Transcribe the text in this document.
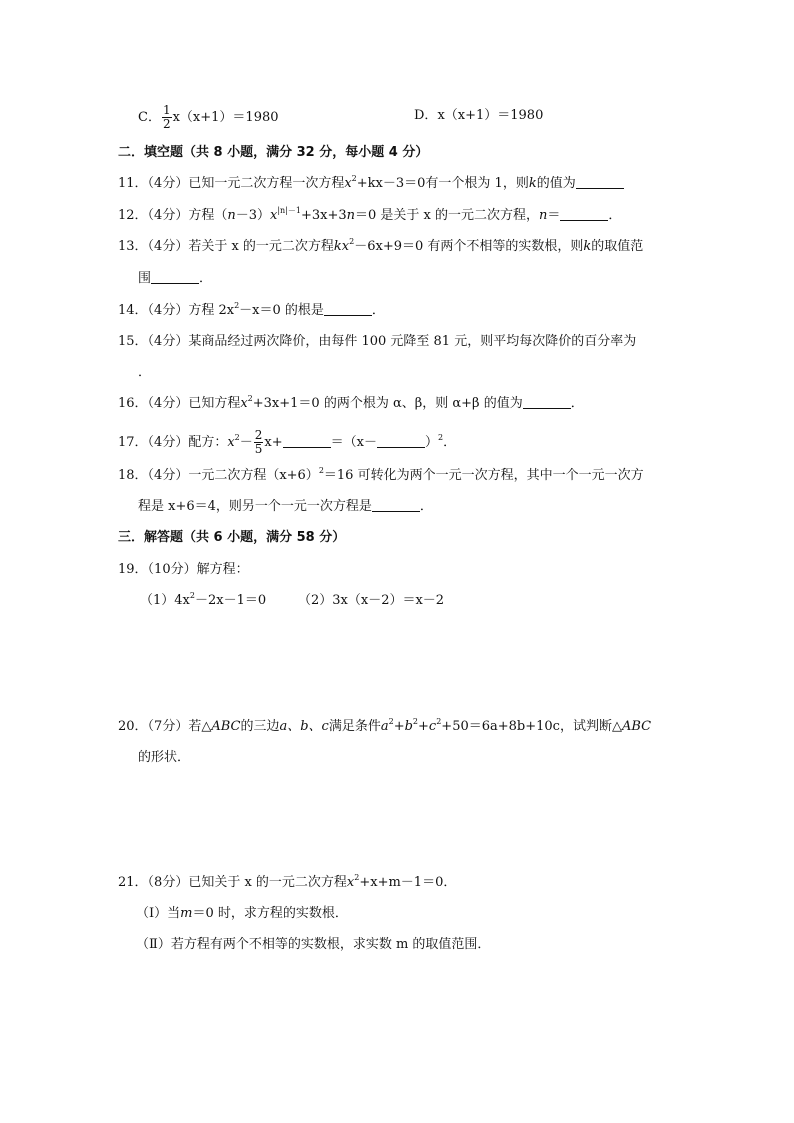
C． $\frac{1}{2} x(x+1)=1980$	D．x（x+1）＝1980
二．填空题（共 8 小题，满分 32 分，每小题 4 分）
11．（4分）已知一元二次方程一次方程$x^2+kx-3=0$有一个根为 1，则k的值为
12．（4分）方程$(n-3)x^{|n|-1}+3x+3n=0$ 是关于 x 的一元二次方程，n＝	．
13．（4分）若关于 x 的一元二次方程$kx^2-6x+9=0$ 有两个不相等的实数根，则k的取值范
围	．
14．（4分）方程 $2x^2-x=0$ 的根是	．
15．（4分）某商品经过两次降价，由每件 100 元降至 81 元，则平均每次降价的百分率为
．
16．（4分）已知方程$x^2+3x+1=0$ 的两个根为 α、β，则 α+β 的值为	．
17．（4分）配方：$x^2- \frac{2}{5} x+$	＝（x－	）$^2$．
18．（4分）一元二次方程$(x+6)^2=16$ 可转化为两个一元一次方程，其中一个一元一次方
程是 x+6＝4，则另一个一元一次方程是	．
三．解答题（共 6 小题，满分 58 分）
19．（10分）解方程：
$(1)4x^2-2x-1=0$ （2）3x（x－2）＝x－2
20．（7分）若△ABC的三边a、b、c满足条件$a^2+b^2+c^2+50=6a+8b+10c$，试判断△ABC
的形状．
21．（8分）已知关于 x 的一元二次方程$x^2+x+m-1=0$．
（Ⅰ）当m＝0 时，求方程的实数根．
（Ⅱ）若方程有两个不相等的实数根，求实数 m 的取值范围．
